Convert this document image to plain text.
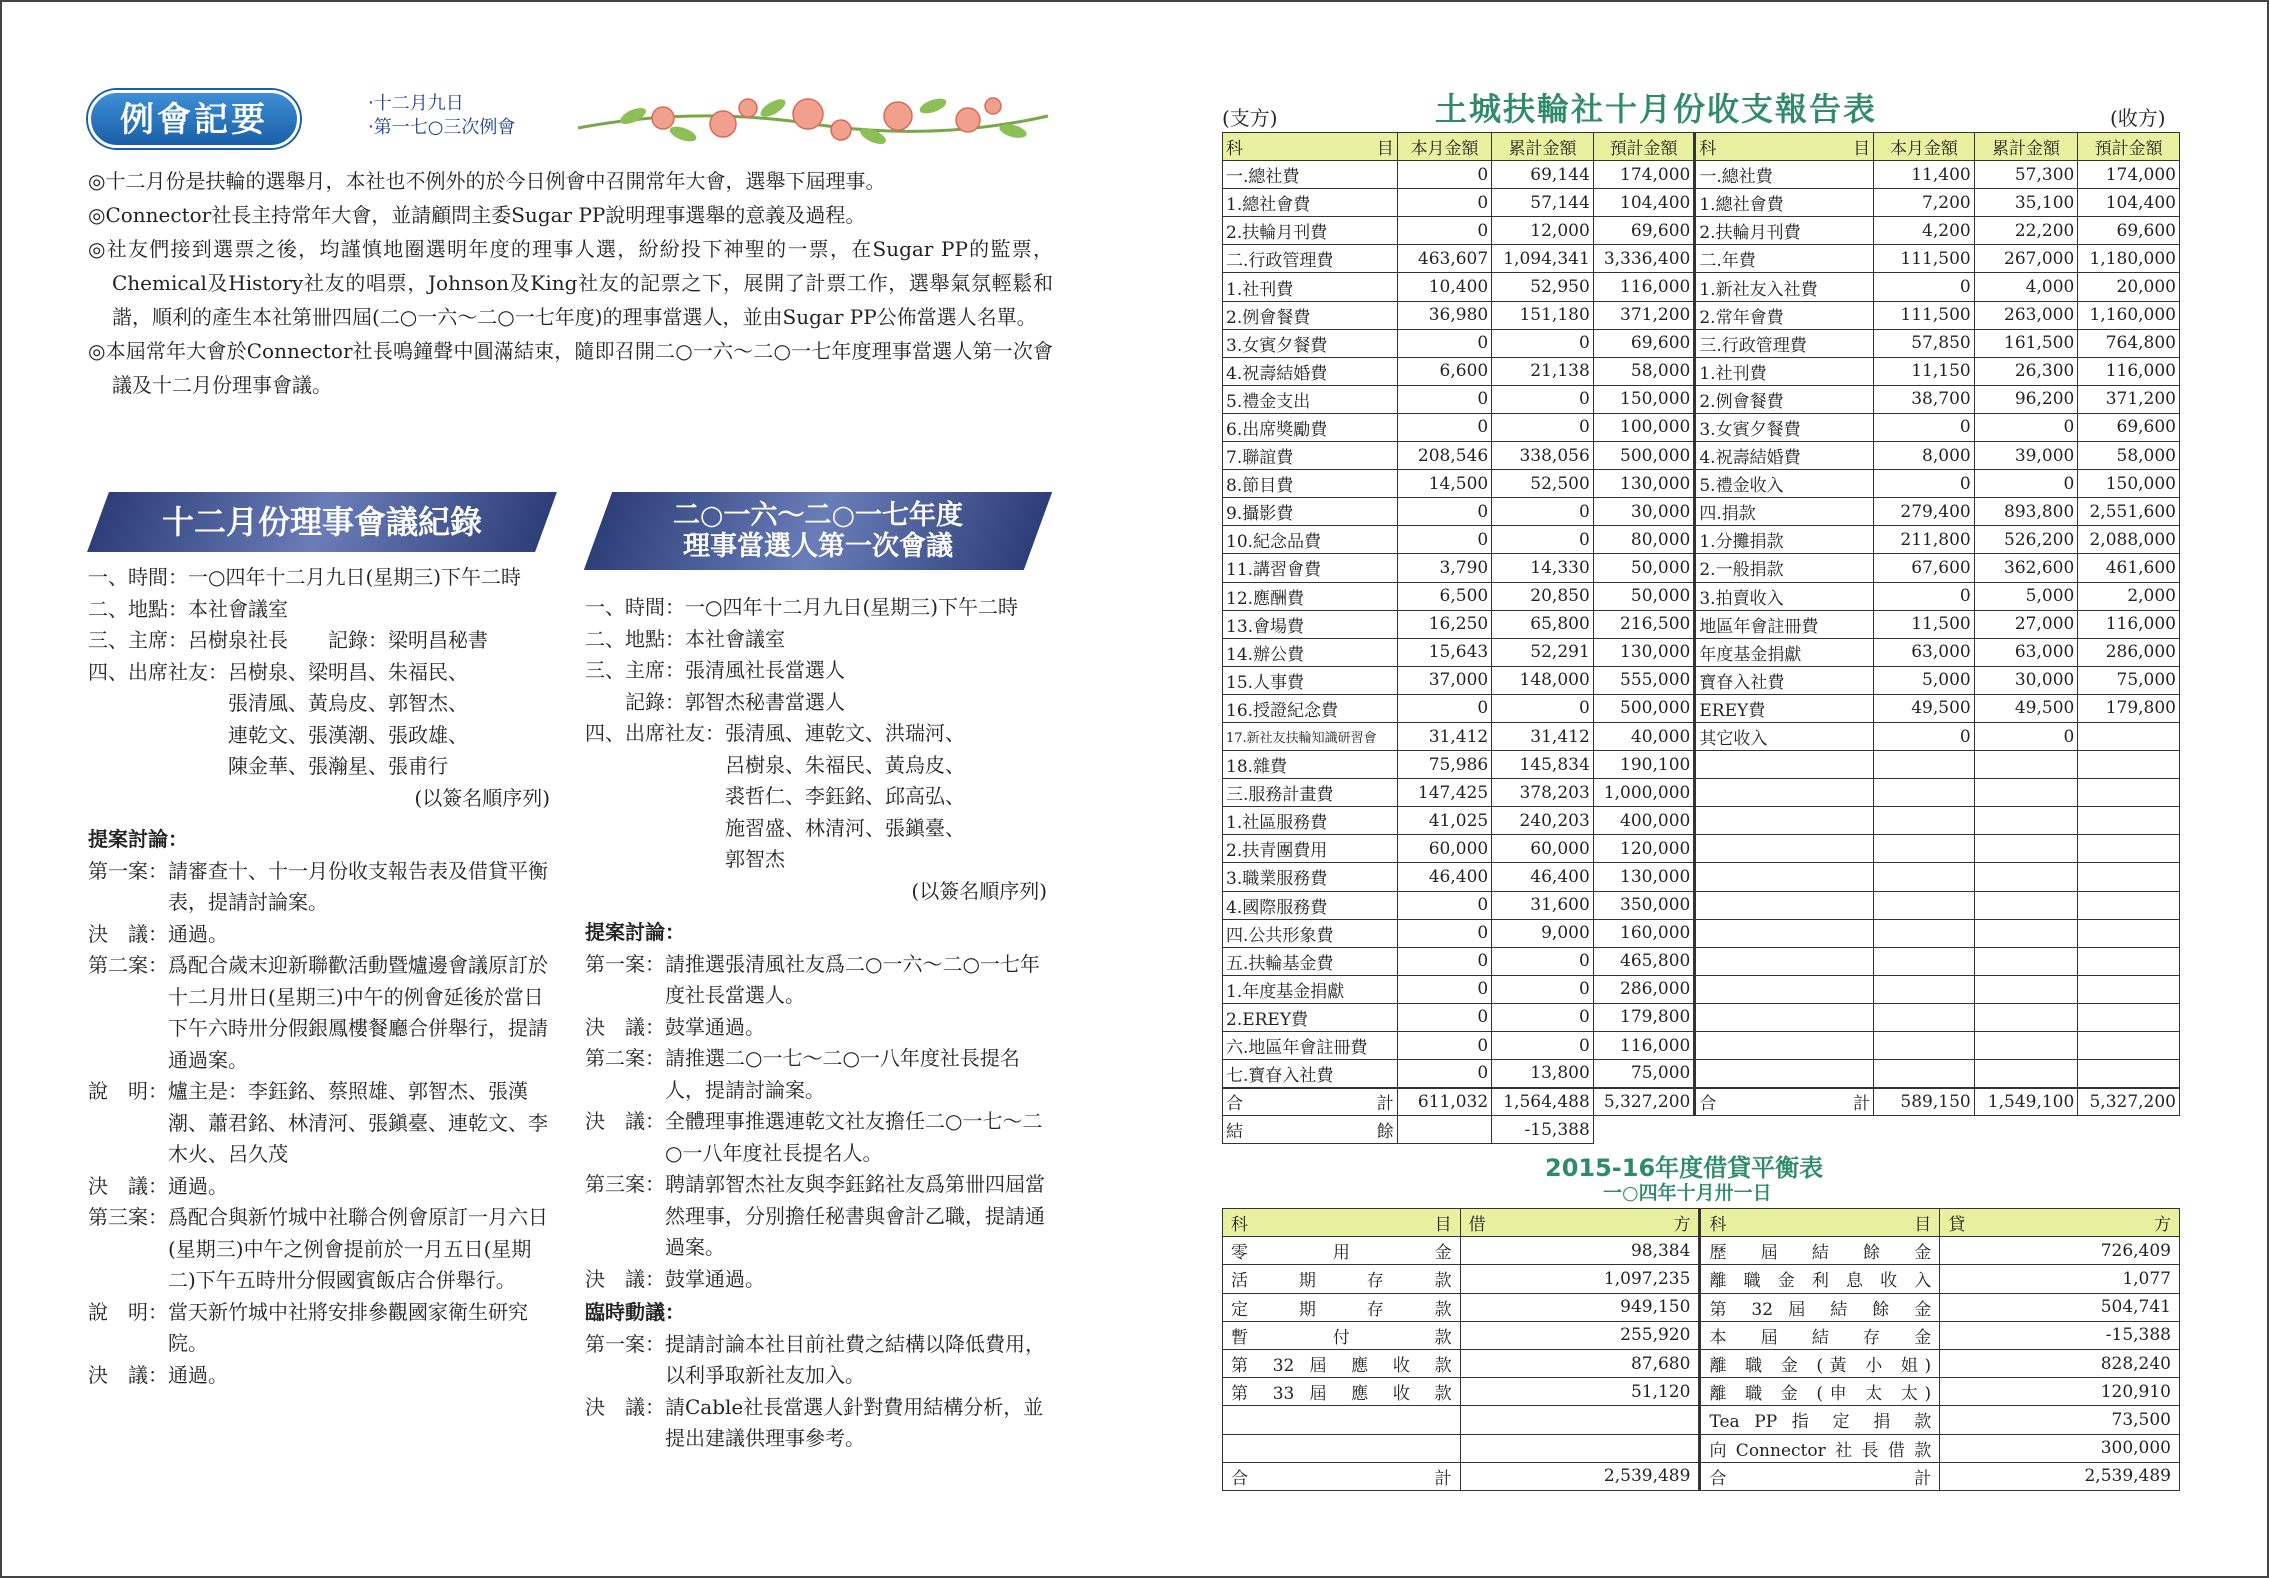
例會記要	‧十二月九日
‧第一七○三次例會
◎十二月份是扶輪的選舉月，本社也不例外的於今日例會中召開常年大會，選舉下屆理事。
◎Connector社長主持常年大會，並請顧問主委Sugar PP說明理事選舉的意義及過程。
◎社友們接到選票之後，均謹慎地圈選明年度的理事人選，紛紛投下神聖的一票，在Sugar PP的監票，Chemical及History社友的唱票，Johnson及King社友的記票之下，展開了計票工作，選舉氣氛輕鬆和諧，順利的產生本社第卌四屆(二○一六～二○一七年度)的理事當選人，並由Sugar PP公佈當選人名單。
◎本屆常年大會於Connector社長鳴鐘聲中圓滿結束，隨即召開二○一六～二○一七年度理事當選人第一次會議及十二月份理事會議。
十二月份理事會議紀錄	二○一六～二○一七年度
理事當選人第一次會議
一、時間： 一○四年十二月九日(星期三)下午二時
二、地點： 本社會議室
三、主席： 呂樹泉社長　　記錄：梁明昌秘書
四、出席社友： 呂樹泉、梁明昌、朱福民、
張清風、黃烏皮、郭智杰、
連乾文、張漢潮、張政雄、
陳金華、張瀚星、張甫行
(以簽名順序列)
提案討論：
第一案： 請審查十、十一月份收支報告表及借貸平衡表，提請討論案。
決　議： 通過。
第二案： 爲配合歲末迎新聯歡活動暨爐邊會議原訂於十二月卅日(星期三)中午的例會延後於當日下午六時卅分假銀鳳樓餐廳合併舉行，提請通過案。
說　明： 爐主是：李鈺銘、蔡照雄、郭智杰、張漢潮、蕭君銘、林清河、張鎭臺、連乾文、李木火、呂久茂
決　議： 通過。
第三案： 爲配合與新竹城中社聯合例會原訂一月六日(星期三)中午之例會提前於一月五日(星期二)下午五時卅分假國賓飯店合併舉行。
說　明： 當天新竹城中社將安排參觀國家衛生研究院。
決　議： 通過。
一、時間： 一○四年十二月九日(星期三)下午二時
二、地點： 本社會議室
三、主席： 張清風社長當選人
　　記錄： 郭智杰秘書當選人
四、出席社友： 張清風、連乾文、洪瑞河、
呂樹泉、朱福民、黃烏皮、
裘哲仁、李鈺銘、邱高弘、
施習盛、林清河、張鎭臺、
郭智杰
(以簽名順序列)
提案討論：
第一案： 請推選張清風社友爲二○一六～二○一七年度社長當選人。
決　議： 鼓掌通過。
第二案： 請推選二○一七～二○一八年度社長提名人，提請討論案。
決　議： 全體理事推選連乾文社友擔任二○一七～二○一八年度社長提名人。
第三案： 聘請郭智杰社友與李鈺銘社友爲第卌四屆當然理事，分別擔任秘書與會計乙職，提請通過案。
決　議： 鼓掌通過。
臨時動議：
第一案： 提請討論本社目前社費之結構以降低費用，以利爭取新社友加入。
決　議： 請Cable社長當選人針對費用結構分析，並提出建議供理事參考。
土城扶輪社十月份收支報告表
(支方)	(收方)
科 目	本月金額	累計金額	預計金額	科 目	本月金額	累計金額	預計金額
一.總社費	0	69,144	174,000	一.總社費	11,400	57,300	174,000
1.總社會費	0	57,144	104,400	1.總社會費	7,200	35,100	104,400
2.扶輪月刊費	0	12,000	69,600	2.扶輪月刊費	4,200	22,200	69,600
二.行政管理費	463,607	1,094,341	3,336,400	二.年費	111,500	267,000	1,180,000
1.社刊費	10,400	52,950	116,000	1.新社友入社費	0	4,000	20,000
2.例會餐費	36,980	151,180	371,200	2.常年會費	111,500	263,000	1,160,000
3.女賓夕餐費	0	0	69,600	三.行政管理費	57,850	161,500	764,800
4.祝壽結婚費	6,600	21,138	58,000	1.社刊費	11,150	26,300	116,000
5.禮金支出	0	0	150,000	2.例會餐費	38,700	96,200	371,200
6.出席獎勵費	0	0	100,000	3.女賓夕餐費	0	0	69,600
7.聯誼費	208,546	338,056	500,000	4.祝壽結婚費	8,000	39,000	58,000
8.節目費	14,500	52,500	130,000	5.禮金收入	0	0	150,000
9.攝影費	0	0	30,000	四.捐款	279,400	893,800	2,551,600
10.紀念品費	0	0	80,000	1.分攤捐款	211,800	526,200	2,088,000
11.講習會費	3,790	14,330	50,000	2.一般捐款	67,600	362,600	461,600
12.應酬費	6,500	20,850	50,000	3.拍賣收入	0	5,000	2,000
13.會場費	16,250	65,800	216,500	地區年會註冊費	11,500	27,000	116,000
14.辦公費	15,643	52,291	130,000	年度基金捐獻	63,000	63,000	286,000
15.人事費	37,000	148,000	555,000	寶眘入社費	5,000	30,000	75,000
16.授證紀念費	0	0	500,000	EREY費	49,500	49,500	179,800
17.新社友扶輪知識研習會	31,412	31,412	40,000	其它收入	0	0	
18.雜費	75,986	145,834	190,100				
三.服務計畫費	147,425	378,203	1,000,000				
1.社區服務費	41,025	240,203	400,000				
2.扶青團費用	60,000	60,000	120,000				
3.職業服務費	46,400	46,400	130,000				
4.國際服務費	0	31,600	350,000				
四.公共形象費	0	9,000	160,000				
五.扶輪基金費	0	0	465,800				
1.年度基金捐獻	0	0	286,000				
2.EREY費	0	0	179,800				
六.地區年會註冊費	0	0	116,000				
七.寶眘入社費	0	13,800	75,000				

合 計	611,032	1,564,488	5,327,200	合 計	589,150	1,549,100	5,327,200

結 餘		-15,388					
2015-16年度借貸平衡表
一○四年十月卅一日
科 目	借 方	科 目	貸 方

零用金	98,384	歷屆結餘金	726,409
活期存款	1,097,235	離職金利息收入	1,077
定期存款	949,150	第 32 屆 結 餘 金	504,741
暫付款	255,920	本屆結存金	-15,388
第 32 屆 應 收 款	87,680	離 職 金 (黃 小 姐)	828,240
第 33 屆 應 收 款	51,120	離 職 金 (申 太 太)	120,910
		Tea PP 指 定 捐 款	73,500
		向Connector社長借款	300,000

合 計	2,539,489	合 計	2,539,489
